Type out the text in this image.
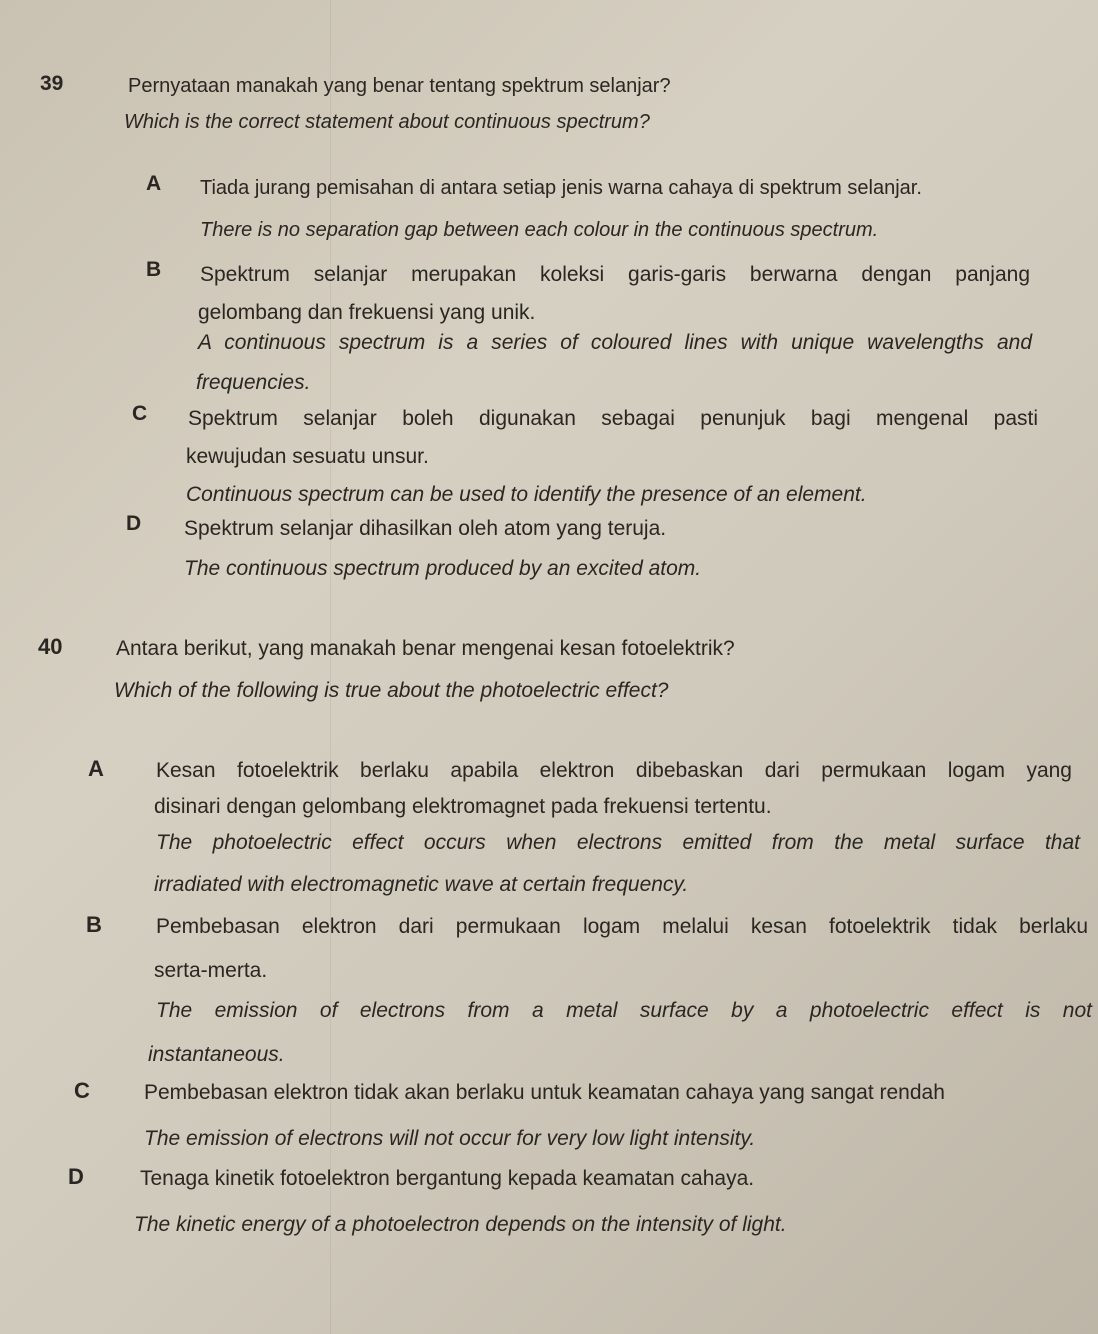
39	Pernyataan manakah yang benar tentang spektrum selanjar?
Which is the correct statement about continuous spectrum?
A Tiada jurang pemisahan di antara setiap jenis warna cahaya di spektrum selanjar.
There is no separation gap between each colour in the continuous spectrum.
B Spektrum selanjar merupakan koleksi garis-garis berwarna dengan panjang
gelombang dan frekuensi yang unik.
A continuous spectrum is a series of coloured lines with unique wavelengths and
frequencies.
C Spektrum selanjar boleh digunakan sebagai penunjuk bagi mengenal pasti
kewujudan sesuatu unsur.
Continuous spectrum can be used to identify the presence of an element.
D Spektrum selanjar dihasilkan oleh atom yang teruja.
The continuous spectrum produced by an excited atom.
40	Antara berikut, yang manakah benar mengenai kesan fotoelektrik?
Which of the following is true about the photoelectric effect?
A Kesan fotoelektrik berlaku apabila elektron dibebaskan dari permukaan logam yang
disinari dengan gelombang elektromagnet pada frekuensi tertentu.
The photoelectric effect occurs when electrons emitted from the metal surface that
irradiated with electromagnetic wave at certain frequency.
B	Pembebasan elektron dari permukaan logam melalui kesan fotoelektrik tidak berlaku
serta-merta.
The emission of electrons from a metal surface by a photoelectric effect is not
instantaneous.
C	Pembebasan elektron tidak akan berlaku untuk keamatan cahaya yang sangat rendah
The emission of electrons will not occur for very low light intensity.
D	Tenaga kinetik fotoelektron bergantung kepada keamatan cahaya.
The kinetic energy of a photoelectron depends on the intensity of light.
